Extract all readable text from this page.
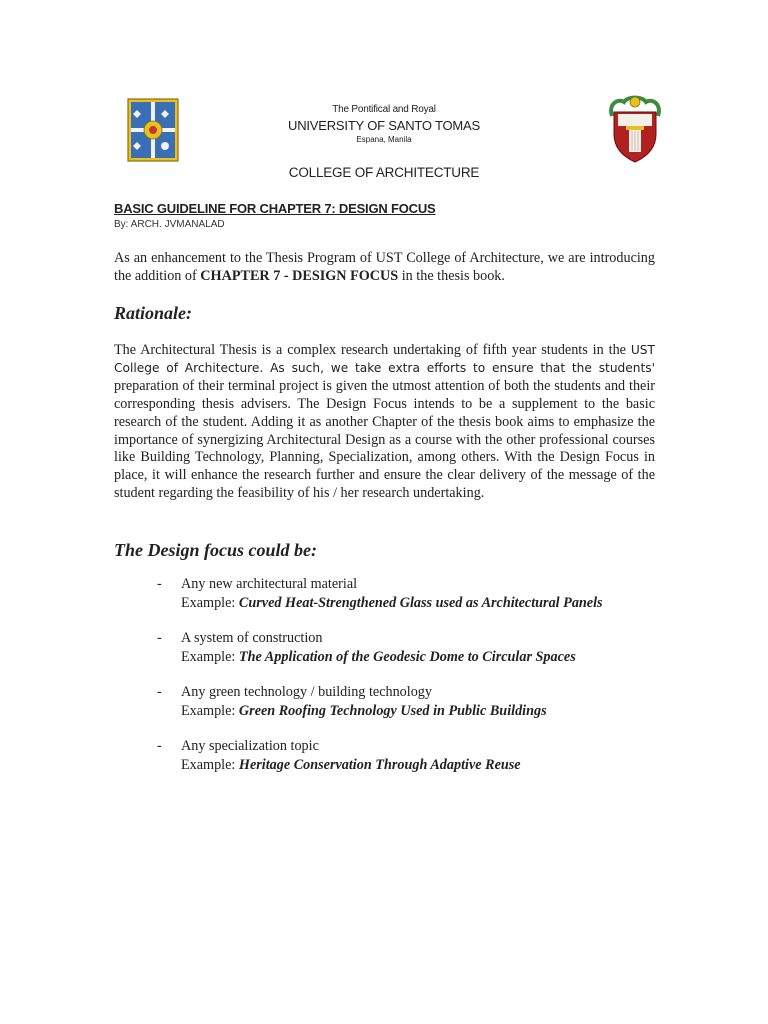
The Pontifical and Royal
UNIVERSITY OF SANTO TOMAS
Espana, Manila
COLLEGE OF ARCHITECTURE
BASIC GUIDELINE FOR CHAPTER 7: DESIGN FOCUS
By: ARCH. JVMANALAD
As an enhancement to the Thesis Program of UST College of Architecture, we are introducing the addition of CHAPTER 7 - DESIGN FOCUS in the thesis book.
Rationale:
The Architectural Thesis is a complex research undertaking of fifth year students in the UST College of Architecture. As such, we take extra efforts to ensure that the students' preparation of their terminal project is given the utmost attention of both the students and their corresponding thesis advisers. The Design Focus intends to be a supplement to the basic research of the student. Adding it as another Chapter of the thesis book aims to emphasize the importance of synergizing Architectural Design as a course with the other professional courses like Building Technology, Planning, Specialization, among others. With the Design Focus in place, it will enhance the research further and ensure the clear delivery of the message of the student regarding the feasibility of his / her research undertaking.
The Design focus could be:
- Any new architectural material
Example: Curved Heat-Strengthened Glass used as Architectural Panels
- A system of construction
Example: The Application of the Geodesic Dome to Circular Spaces
- Any green technology / building technology
Example: Green Roofing Technology Used in Public Buildings
- Any specialization topic
Example: Heritage Conservation Through Adaptive Reuse
